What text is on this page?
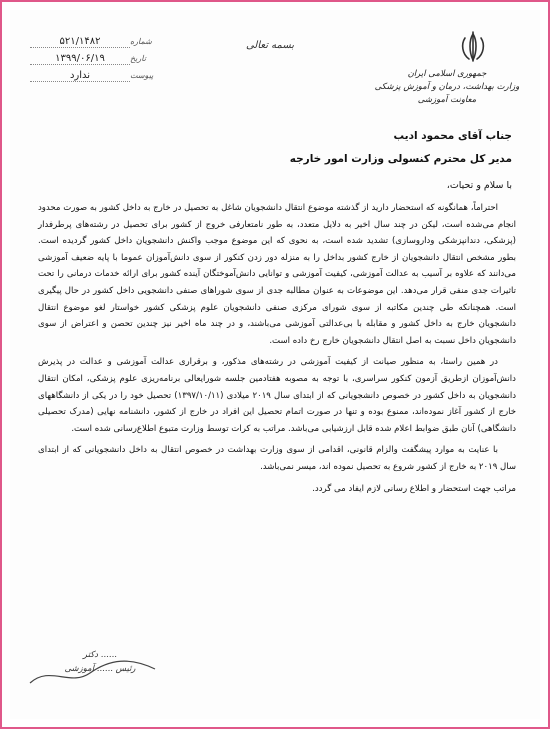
جمهوری اسلامی ایران
وزارت بهداشت، درمان و آموزش پزشکی
معاونت آموزشی
بسمه تعالی
۵۲۱/۱۴۸۲	شماره
۱۳۹۹/۰۶/۱۹	تاریخ
ندارد	پیوست
جناب آقای محمود ادیب
مدیر کل محترم کنسولی وزارت امور خارجه
با سلام و تحیات،

احتراماً، همانگونه که استحضار دارید از گذشته موضوع انتقال دانشجویان شاغل به تحصیل در خارج به داخل کشور به صورت محدود انجام می‌شده است، لیکن در چند سال اخیر به دلایل متعدد، به طور نامتعارفی خروج از کشور برای تحصیل در رشته‌های پرطرفدار (پزشکی، دندانپزشکی وداروسازی) تشدید شده است، به نحوی که این موضوع موجب واکنش دانشجویان داخل کشور گردیده است. بطور مشخص انتقال دانشجویان از خارج کشور بداخل را به منزله دور زدن کنکور از سوی دانش‌آموزان عموما با پایه ضعیف آموزشی می‌دانند که علاوه بر آسیب به عدالت آموزشی، کیفیت آموزشی و توانایی دانش‌آموختگان آینده کشور برای ارائه خدمات درمانی را تحت تاثیرات جدی منفی قرار می‌دهد. این موضوعات به عنوان مطالبه جدی از سوی شوراهای صنفی دانشجویی داخل کشور در حال پیگیری است. همچنانکه طی چندین مکاتبه از سوی شورای مرکزی صنفی دانشجویان علوم پزشکی کشور خواستار لغو موضوع انتقال دانشجویان خارج به داخل کشور و مقابله با بی‌عدالتی آموزشی می‌باشند، و در چند ماه اخیر نیز چندین تحصن و اعتراض از سوی دانشجویان داخل نسبت به اصل انتقال دانشجویان خارج رخ داده است.

در همین راستا، به منظور صیانت از کیفیت آموزشی در رشته‌های مذکور، و برقراری عدالت آموزشی و عدالت در پذیرش دانش‌آموزان ازطریق آزمون کنکور سراسری، با توجه به مصوبه هفتادمین جلسه شورایعالی برنامه‌ریزی علوم پزشکی، امکان انتقال دانشجویان به داخل کشور در خصوص دانشجویانی که از ابتدای سال ۲۰۱۹ میلادی (۱۳۹۷/۱۰/۱۱) تحصیل خود را در یکی از دانشگاههای خارج از کشور آغاز نموده‌اند، ممنوع بوده و تنها در صورت اتمام تحصیل این افراد در خارج از کشور، دانشنامه نهایی (مدرک تحصیلی دانشگاهی) آنان طبق ضوابط اعلام شده قابل ارزشیابی می‌باشد. مراتب به کرات توسط وزارت متبوع اطلاع‌رسانی شده است.

با عنایت به موارد پیشگفت والزام قانونی، اقدامی از سوی وزارت بهداشت در خصوص انتقال به داخل دانشجویانی که از ابتدای سال ۲۰۱۹ به خارج از کشور شروع به تحصیل نموده اند، میسر نمی‌باشد.

مراتب جهت استحضار و اطلاع رسانی لازم ایفاد می گردد.

دکتر ......
رئیس ...... آموزشی
